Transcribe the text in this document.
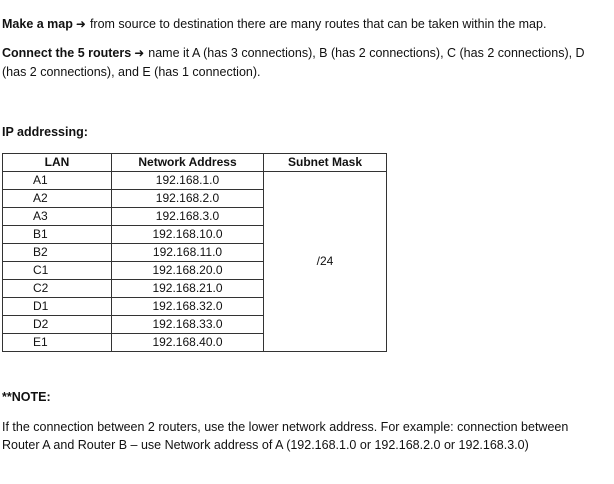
Make a map ➜ from source to destination there are many routes that can be taken within the map.
Connect the 5 routers ➜ name it A (has 3 connections), B (has 2 connections), C (has 2 connections), D
(has 2 connections), and E (has 1 connection).
IP addressing:
LAN	Network Address	Subnet Mask
A1	192.168.1.0	/24
A2	192.168.2.0	
A3	192.168.3.0	
B1	192.168.10.0	
B2	192.168.11.0	
C1	192.168.20.0	
C2	192.168.21.0	
D1	192.168.32.0	
D2	192.168.33.0	
E1	192.168.40.0	
**NOTE:
If the connection between 2 routers, use the lower network address. For example: connection between
Router A and Router B – use Network address of A (192.168.1.0 or 192.168.2.0 or 192.168.3.0)
